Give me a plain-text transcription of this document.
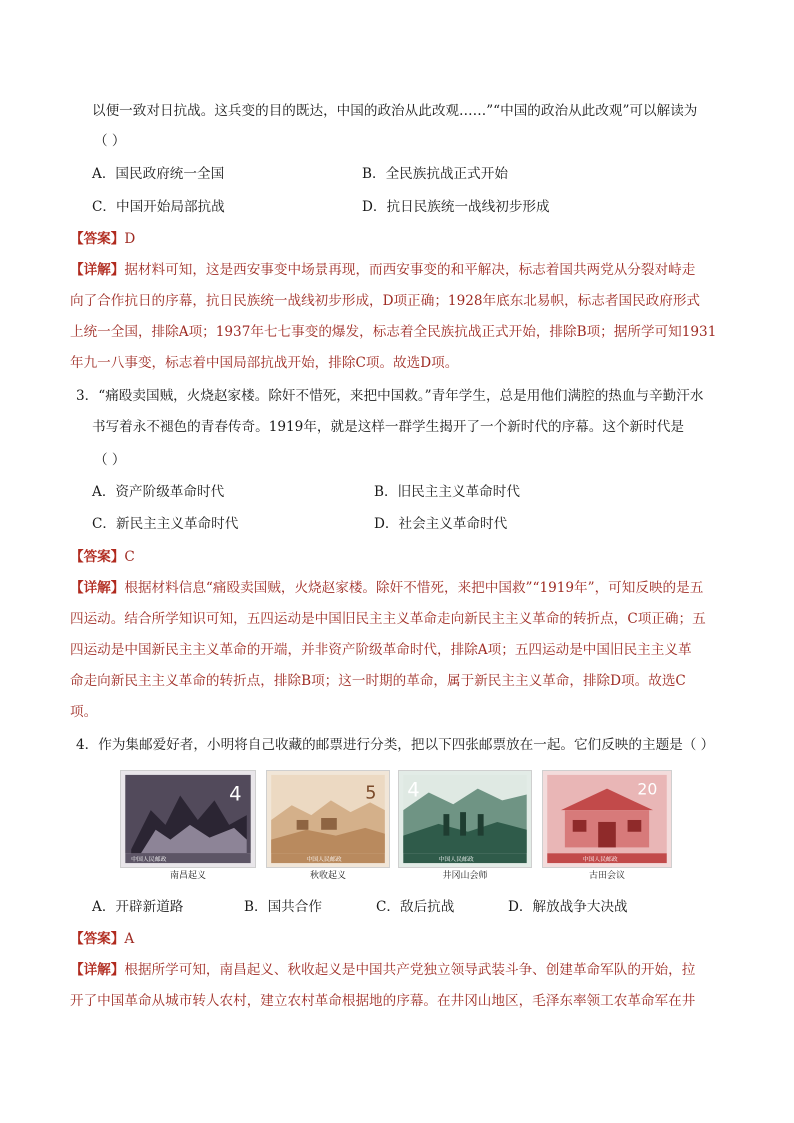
以便一致对日抗战。这兵变的目的既达，中国的政治从此改观……”“中国的政治从此改观”可以解读为
（ ）
A．国民政府统一全国	B．全民族抗战正式开始
C．中国开始局部抗战	D．抗日民族统一战线初步形成
【答案】D
【详解】据材料可知，这是西安事变中场景再现，而西安事变的和平解决，标志着国共两党从分裂对峙走
向了合作抗日的序幕，抗日民族统一战线初步形成，D项正确；1928年底东北易帜，标志者国民政府形式
上统一全国，排除A项；1937年七七事变的爆发，标志着全民族抗战正式开始，排除B项；据所学可知1931
年九一八事变，标志着中国局部抗战开始，排除C项。故选D项。
3．“痛殴卖国贼，火烧赵家楼。除奸不惜死，来把中国救。”青年学生，总是用他们满腔的热血与辛勤汗水
书写着永不褪色的青春传奇。1919年，就是这样一群学生揭开了一个新时代的序幕。这个新时代是
（ ）
A．资产阶级革命时代	B．旧民主主义革命时代
C．新民主主义革命时代	D．社会主义革命时代
【答案】C
【详解】根据材料信息“痛殴卖国贼，火烧赵家楼。除奸不惜死，来把中国救”“1919年”，可知反映的是五
四运动。结合所学知识可知，五四运动是中国旧民主主义革命走向新民主主义革命的转折点，C项正确；五
四运动是中国新民主主义革命的开端，并非资产阶级革命时代，排除A项；五四运动是中国旧民主主义革
命走向新民主主义革命的转折点，排除B项；这一时期的革命，属于新民主主义革命，排除D项。故选C
项。
4．作为集邮爱好者，小明将自己收藏的邮票进行分类，把以下四张邮票放在一起。它们反映的主题是（ ）
4
中国人民邮政
5
中国人民邮政
4
中国人民邮政
20
中国人民邮政
南昌起义	秋收起义	井冈山会师	古田会议
A．开辟新道路	B．国共合作	C．敌后抗战	D．解放战争大决战
【答案】A
【详解】根据所学可知，南昌起义、秋收起义是中国共产党独立领导武装斗争、创建革命军队的开始，拉
开了中国革命从城市转人农村，建立农村革命根据地的序幕。在井冈山地区，毛泽东率领工农革命军在井
